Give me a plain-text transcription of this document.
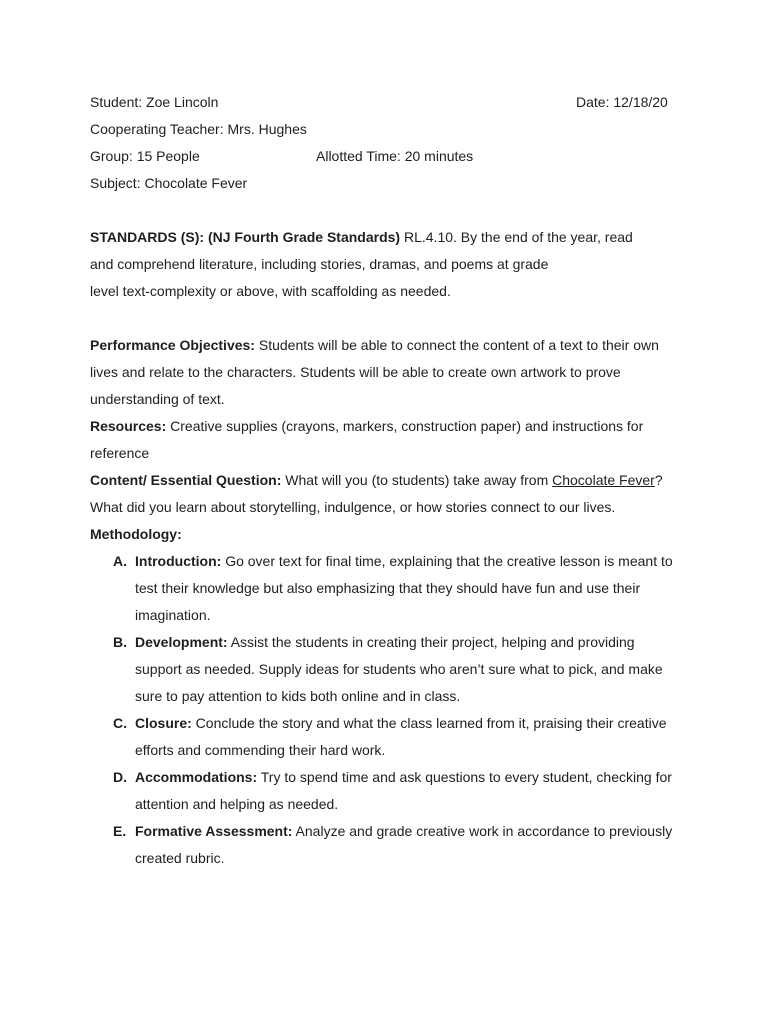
Student: Zoe Lincoln	Date: 12/18/20

Cooperating Teacher: Mrs. Hughes

Group: 15 People	Allotted Time: 20 minutes

Subject: Chocolate Fever

STANDARDS (S): (NJ Fourth Grade Standards) RL.4.10. By the end of the year, read

and comprehend literature, including stories, dramas, and poems at grade

level text-complexity or above, with scaffolding as needed.

Performance Objectives: Students will be able to connect the content of a text to their own lives and relate to the characters. Students will be able to create own artwork to prove understanding of text.

Resources: Creative supplies (crayons, markers, construction paper) and instructions for reference

Content/ Essential Question: What will you (to students) take away from Chocolate Fever? What did you learn about storytelling, indulgence, or how stories connect to our lives.

Methodology:

A. Introduction: Go over text for final time, explaining that the creative lesson is meant to test their knowledge but also emphasizing that they should have fun and use their imagination.
B. Development: Assist the students in creating their project, helping and providing support as needed. Supply ideas for students who aren’t sure what to pick, and make sure to pay attention to kids both online and in class.
C. Closure: Conclude the story and what the class learned from it, praising their creative efforts and commending their hard work.
D. Accommodations: Try to spend time and ask questions to every student, checking for attention and helping as needed.
E. Formative Assessment: Analyze and grade creative work in accordance to previously created rubric.
